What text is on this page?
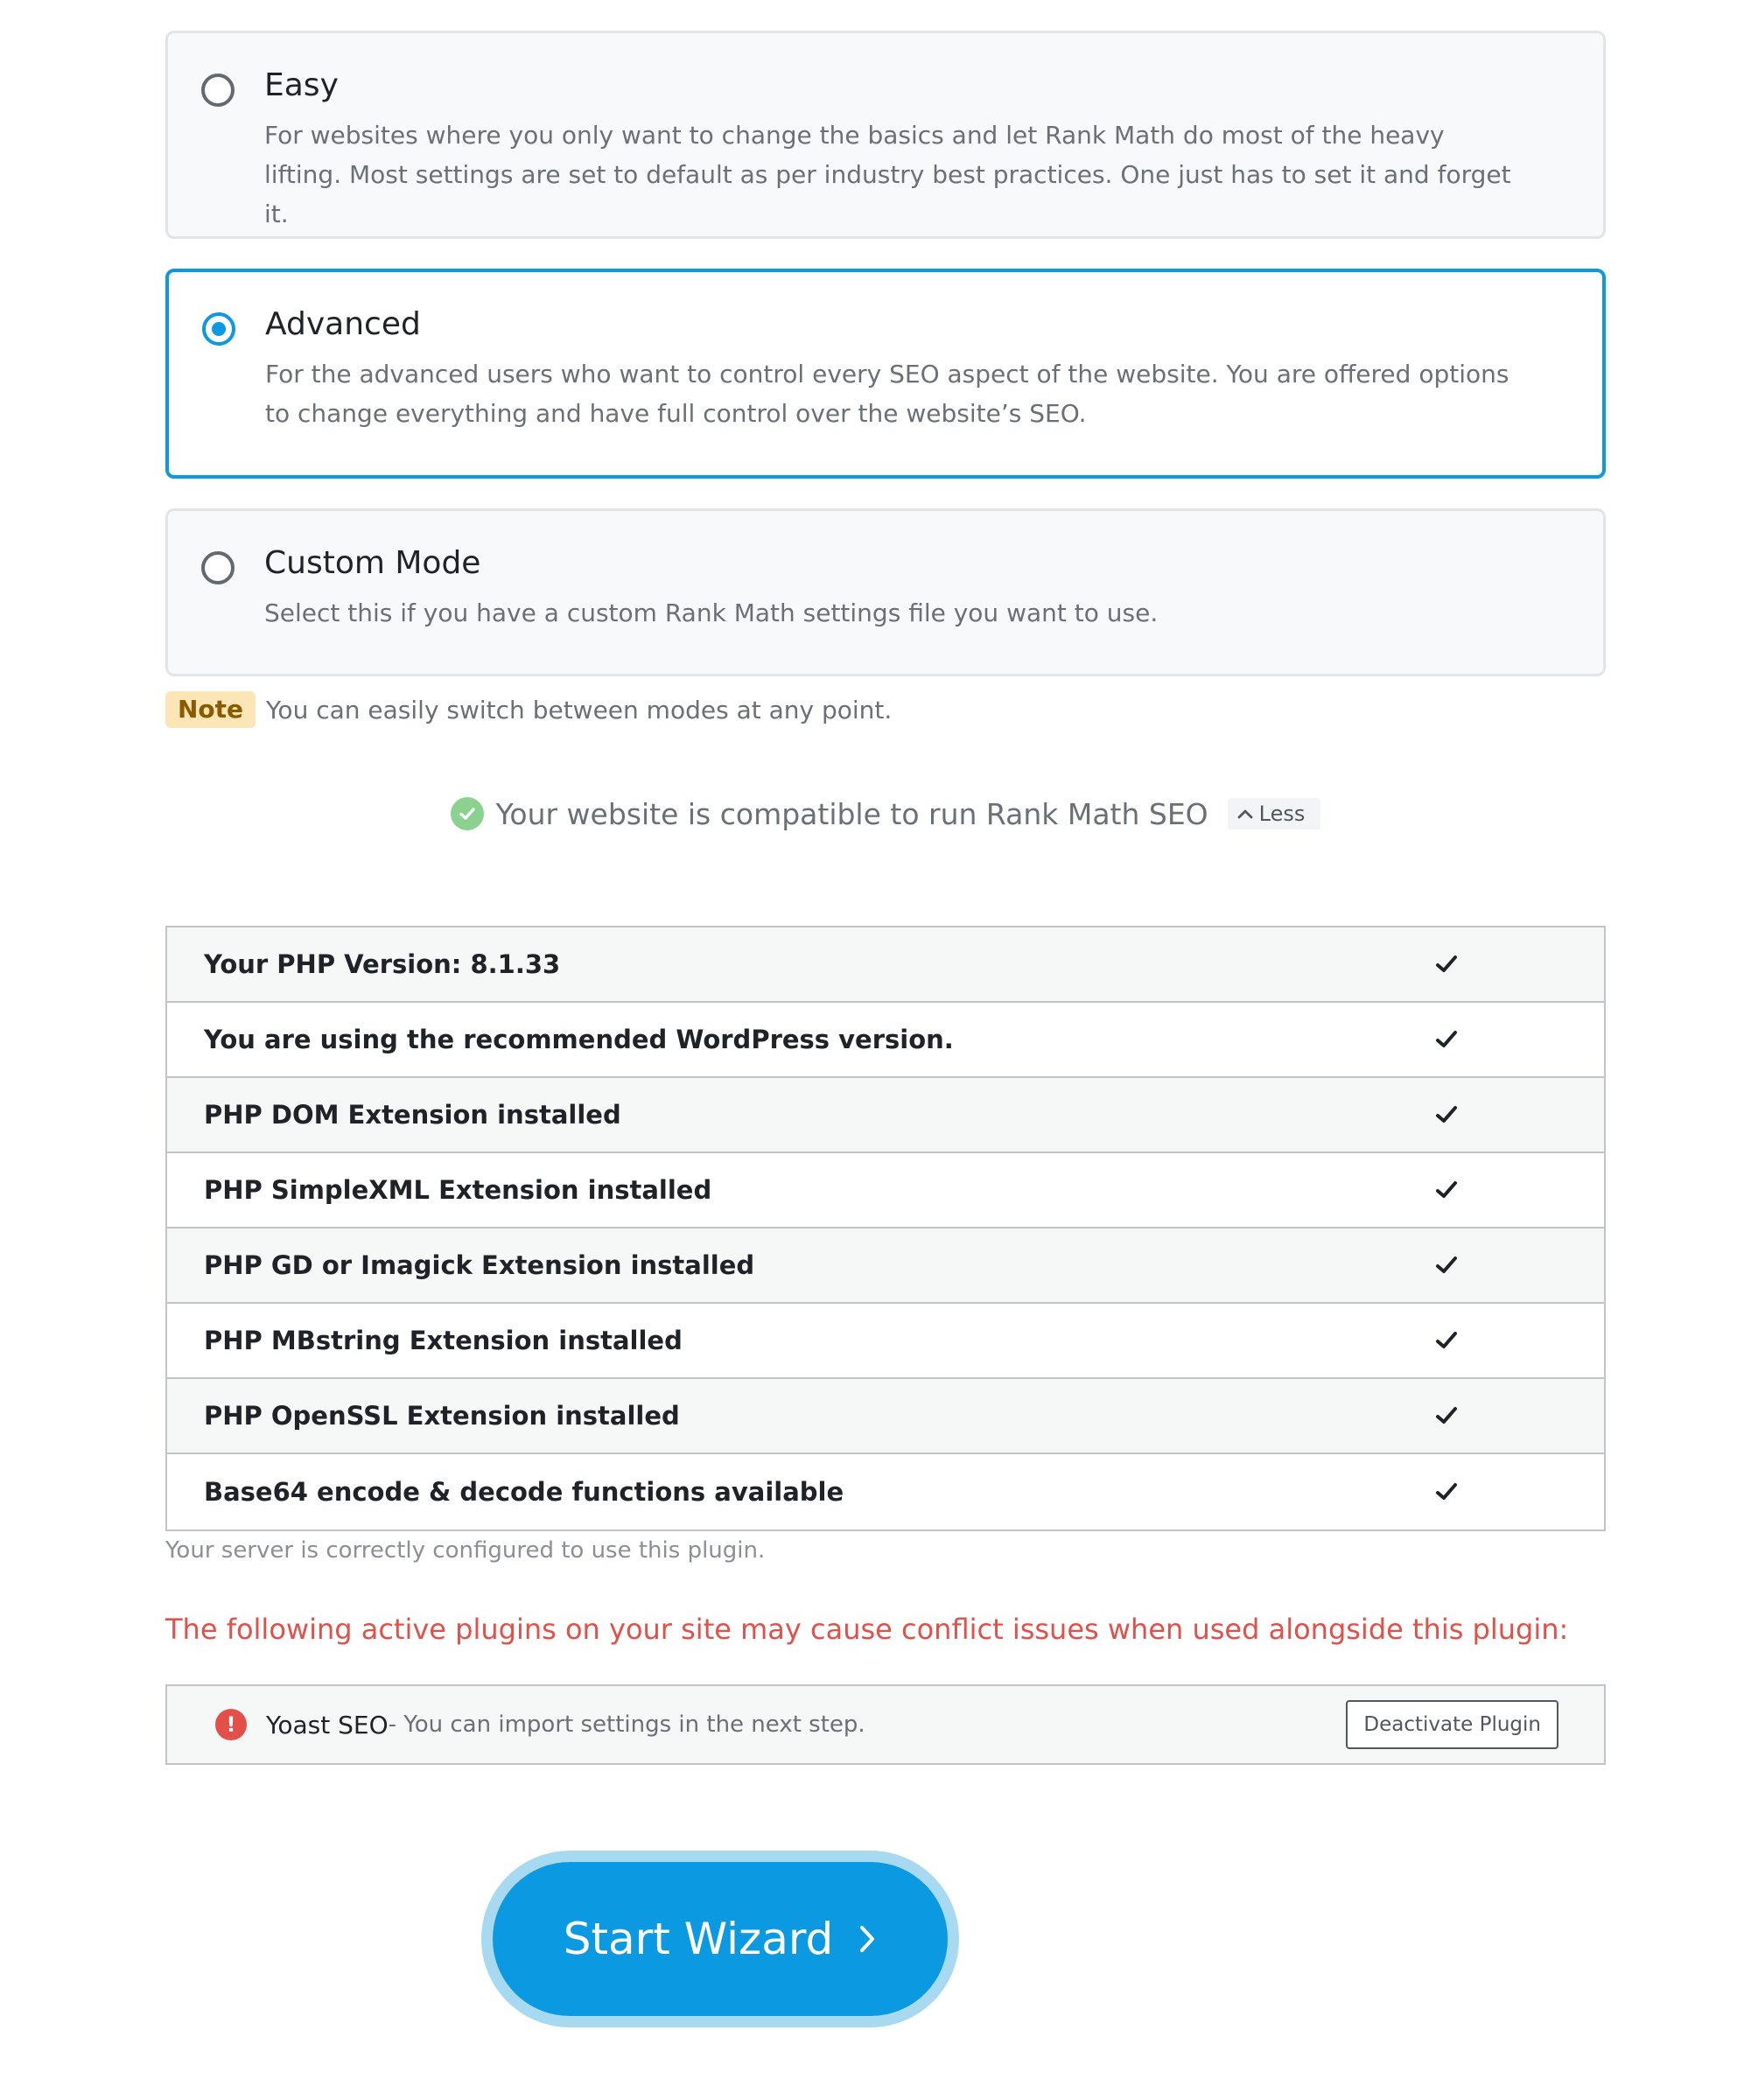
Easy
For websites where you only want to change the basics and let Rank Math do most of the heavy lifting. Most settings are set to default as per industry best practices. One just has to set it and forget it.
Advanced
For the advanced users who want to control every SEO aspect of the website. You are offered options to change everything and have full control over the website’s SEO.
Custom Mode
Select this if you have a custom Rank Math settings file you want to use.
Note You can easily switch between modes at any point.
Your website is compatible to run Rank Math SEO Less
Your PHP Version: 8.1.33
You are using the recommended WordPress version.
PHP DOM Extension installed
PHP SimpleXML Extension installed
PHP GD or Imagick Extension installed
PHP MBstring Extension installed
PHP OpenSSL Extension installed
Base64 encode & decode functions available
Your server is correctly configured to use this plugin.
The following active plugins on your site may cause conflict issues when used alongside this plugin:
!	Yoast SEO - You can import settings in the next step.	Deactivate Plugin
Start Wizard
